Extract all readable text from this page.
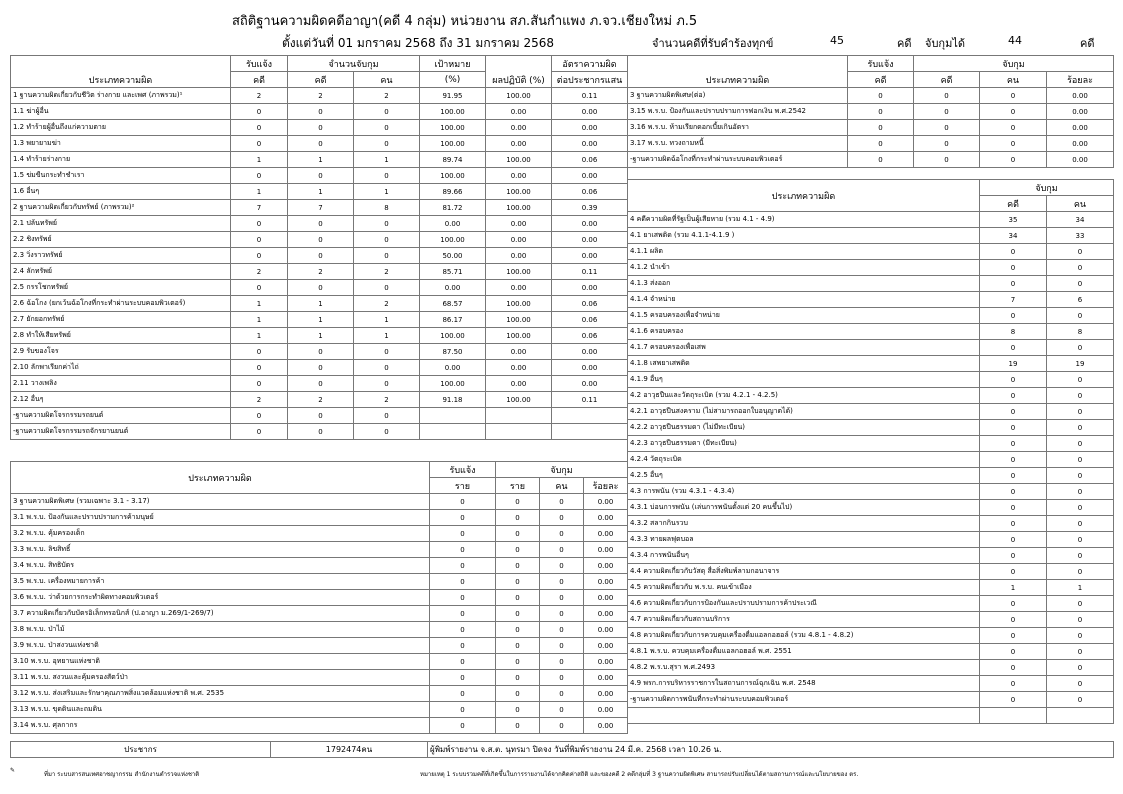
สถิติฐานความผิดคดีอาญา(คดี 4 กลุ่ม) หน่วยงาน สภ.สันกำแพง ภ.จว.เชียงใหม่ ภ.5
ตั้งแต่วันที่ 01 มกราคม 2568 ถึง 31 มกราคม 2568	จำนวนคดีที่รับคำร้องทุกข์	45	คดี จับกุมได้	44	คดี
ประเภทความผิด	รับแจ้ง	จำนวนจับกุม		เป้าหมาย	ผลปฏิบัติ (%)	อัตราความผิด
	คดี	คดี	คน	(%)		ต่อประชากรแสน
1 ฐานความผิดเกี่ยวกับชีวิต ร่างกาย และเพศ (ภาพรวม)¹	2	2	2	91.95	100.00	0.11
1.1 ฆ่าผู้อื่น	0	0	0	100.00	0.00	0.00
1.2 ทำร้ายผู้อื่นถึงแก่ความตาย	0	0	0	100.00	0.00	0.00
1.3 พยายามฆ่า	0	0	0	100.00	0.00	0.00
1.4 ทำร้ายร่างกาย	1	1	1	89.74	100.00	0.06
1.5 ข่มขืนกระทำชำเรา	0	0	0	100.00	0.00	0.00
1.6 อื่นๆ	1	1	1	89.66	100.00	0.06
2 ฐานความผิดเกี่ยวกับทรัพย์ (ภาพรวม)²	7	7	8	81.72	100.00	0.39
2.1 ปล้นทรัพย์	0	0	0	0.00	0.00	0.00
2.2 ชิงทรัพย์	0	0	0	100.00	0.00	0.00
2.3 วิ่งราวทรัพย์	0	0	0	50.00	0.00	0.00
2.4 ลักทรัพย์	2	2	2	85.71	100.00	0.11
2.5 กรรโชกทรัพย์	0	0	0	0.00	0.00	0.00
2.6 ฉ้อโกง (ยกเว้นฉ้อโกงที่กระทำผ่านระบบคอมพิวเตอร์)	1	1	2	68.57	100.00	0.06
2.7 ยักยอกทรัพย์	1	1	1	86.17	100.00	0.06
2.8 ทำให้เสียทรัพย์	1	1	1	100.00	100.00	0.06
2.9 รับของโจร	0	0	0	87.50	0.00	0.00
2.10 ลักพาเรียกค่าไถ่	0	0	0	0.00	0.00	0.00
2.11 วางเพลิง	0	0	0	100.00	0.00	0.00
2.12 อื่นๆ	2	2	2	91.18	100.00	0.11
-ฐานความผิดโจรกรรมรถยนต์	0	0	0			
-ฐานความผิดโจรกรรมรถจักรยานยนต์	0	0	0			
ประเภทความผิด	รับแจ้ง	จับกุม		
	ราย	ราย	คน	ร้อยละ
3 ฐานความผิดพิเศษ (รวมเฉพาะ 3.1 - 3.17)	0	0	0	0.00
3.1 พ.ร.บ. ป้องกันและปราบปรามการค้ามนุษย์	0	0	0	0.00
3.2 พ.ร.บ. คุ้มครองเด็ก	0	0	0	0.00
3.3 พ.ร.บ. ลิขสิทธิ์	0	0	0	0.00
3.4 พ.ร.บ. สิทธิบัตร	0	0	0	0.00
3.5 พ.ร.บ. เครื่องหมายการค้า	0	0	0	0.00
3.6 พ.ร.บ. ว่าด้วยการกระทำผิดทางคอมพิวเตอร์	0	0	0	0.00
3.7 ความผิดเกี่ยวกับบัตรอิเล็กทรอนิกส์ (ป.อาญา ม.269/1-269/7)	0	0	0	0.00
3.8 พ.ร.บ. ป่าไม้	0	0	0	0.00
3.9 พ.ร.บ. ป่าสงวนแห่งชาติ	0	0	0	0.00
3.10 พ.ร.บ. อุทยานแห่งชาติ	0	0	0	0.00
3.11 พ.ร.บ. สงวนและคุ้มครองสัตว์ป่า	0	0	0	0.00
3.12 พ.ร.บ. ส่งเสริมและรักษาคุณภาพสิ่งแวดล้อมแห่งชาติ พ.ศ. 2535	0	0	0	0.00
3.13 พ.ร.บ. ขุดดินและถมดิน	0	0	0	0.00
3.14 พ.ร.บ. ศุลกากร	0	0	0	0.00
ประเภทความผิด	รับแจ้ง	จับกุม		
	คดี	คดี	คน	ร้อยละ
3 ฐานความผิดพิเศษ(ต่อ)	0	0	0	0.00
3.15 พ.ร.บ. ป้องกันและปราบปรามการฟอกเงิน พ.ศ.2542	0	0	0	0.00
3.16 พ.ร.บ. ห้ามเรียกดอกเบี้ยเกินอัตรา	0	0	0	0.00
3.17 พ.ร.บ. ทวงถามหนี้	0	0	0	0.00
-ฐานความผิดฉ้อโกงที่กระทำผ่านระบบคอมพิวเตอร์	0	0	0	0.00
ประเภทความผิด	จับกุม	
	คดี	คน
4 คดีความผิดที่รัฐเป็นผู้เสียหาย (รวม 4.1 - 4.9)	35	34
4.1 ยาเสพติด (รวม 4.1.1-4.1.9 )	34	33
4.1.1 ผลิต	0	0
4.1.2 นำเข้า	0	0
4.1.3 ส่งออก	0	0
4.1.4 จำหน่าย	7	6
4.1.5 ครอบครองเพื่อจำหน่าย	0	0
4.1.6 ครอบครอง	8	8
4.1.7 ครอบครองเพื่อเสพ	0	0
4.1.8 เสพยาเสพติด	19	19
4.1.9 อื่นๆ	0	0
4.2 อาวุธปืนและวัตถุระเบิด (รวม 4.2.1 - 4.2.5)	0	0
4.2.1 อาวุธปืนสงคราม (ไม่สามารถออกใบอนุญาตได้)	0	0
4.2.2 อาวุธปืนธรรมดา (ไม่มีทะเบียน)	0	0
4.2.3 อาวุธปืนธรรมดา (มีทะเบียน)	0	0
4.2.4 วัตถุระเบิด	0	0
4.2.5 อื่นๆ	0	0
4.3 การพนัน (รวม 4.3.1 - 4.3.4)	0	0
4.3.1 บ่อนการพนัน (เล่นการพนันตั้งแต่ 20 คนขึ้นไป)	0	0
4.3.2 สลากกินรวบ	0	0
4.3.3 ทายผลฟุตบอล	0	0
4.3.4 การพนันอื่นๆ	0	0
4.4 ความผิดเกี่ยวกับวัสดุ สื่อสิ่งพิมพ์ลามกอนาจาร	0	0
4.5 ความผิดเกี่ยวกับ พ.ร.บ. คนเข้าเมือง	1	1
4.6 ความผิดเกี่ยวกับการป้องกันและปราบปรามการค้าประเวณี	0	0
4.7 ความผิดเกี่ยวกับสถานบริการ	0	0
4.8 ความผิดเกี่ยวกับการควบคุมเครื่องดื่มแอลกอฮอล์ (รวม 4.8.1 - 4.8.2)	0	0
4.8.1 พ.ร.บ. ควบคุมเครื่องดื่มแอลกอฮอล์ พ.ศ. 2551	0	0
4.8.2 พ.ร.บ.สุรา พ.ศ.2493	0	0
4.9 พรก.การบริหารราชการในสถานการณ์ฉุกเฉิน พ.ศ. 2548	0	0
-ฐานความผิดการพนันที่กระทำผ่านระบบคอมพิวเตอร์	0	0

ประชากร	1792474คน	ผู้พิมพ์รายงาน จ.ส.ต. นุทรมา ปิดจง วันที่พิมพ์รายงาน 24 มี.ค. 2568 เวลา 10.26 น.
✎
ที่มา ระบบสารสนเทศอาชญากรรม สำนักงานตำรวจแห่งชาติ	หมายเหตุ 1 ระบบรวมคดีที่เกิดขึ้นในการรายงานได้จากคิดค่าสถิติ และของคดี 2 คดีกลุ่มที่ 3 ฐานความผิดพิเศษ สามารถปรับเปลี่ยนได้ตามสถานการณ์และนโยบายของ ตร.
